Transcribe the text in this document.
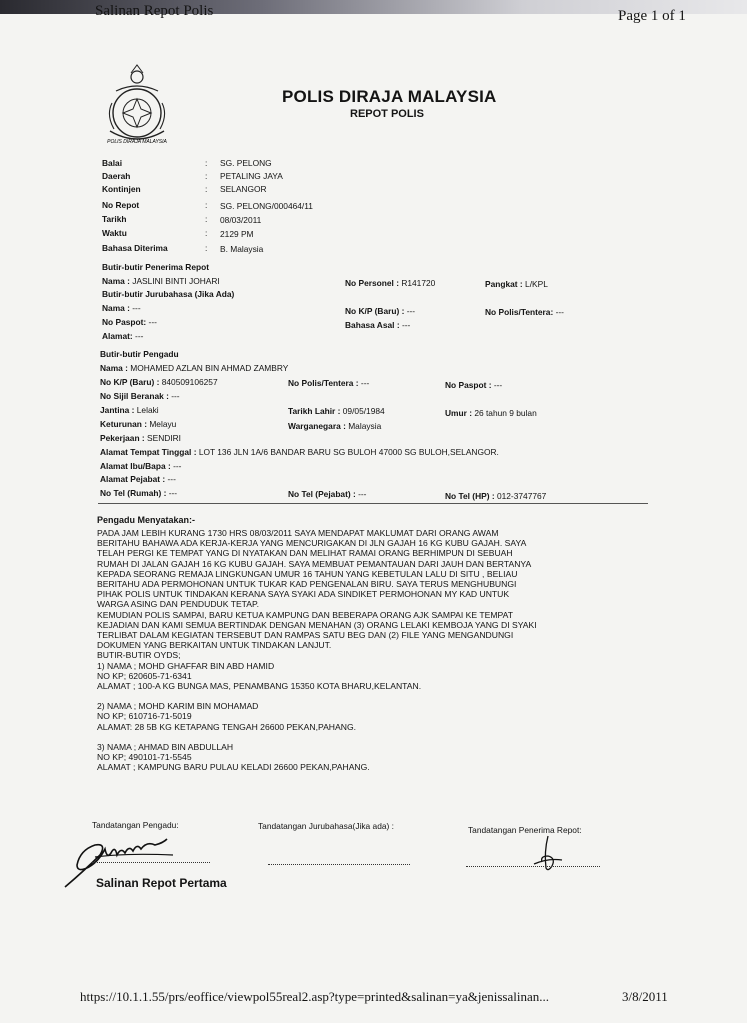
Salinan Repot Polis	Page 1 of 1
POLIS DIRAJA MALAYSIA
POLIS DIRAJA MALAYSIA
REPOT POLIS
Balai	: SG. PELONG
Daerah	: PETALING JAYA
Kontinjen	: SELANGOR
No Repot	: SG. PELONG/000464/11
Tarikh	: 08/03/2011
Waktu	: 2129 PM
Bahasa Diterima	: B. Malaysia
Butir-butir Penerima Repot
Nama : JASLINI BINTI JOHARI	No Personel : R141720	Pangkat : L/KPL
Butir-butir Jurubahasa (Jika Ada)
Nama : ---	No K/P (Baru) : ---	No Polis/Tentera: ---
No Paspot: ---	Bahasa Asal : ---
Alamat: ---
Butir-butir Pengadu
Nama : MOHAMED AZLAN BIN AHMAD ZAMBRY
No K/P (Baru) : 840509106257	No Polis/Tentera : ---	No Paspot : ---
No Sijil Beranak : ---
Jantina : Lelaki	Tarikh Lahir : 09/05/1984	Umur : 26 tahun 9 bulan
Keturunan : Melayu	Warganegara : Malaysia
Pekerjaan : SENDIRI
Alamat Tempat Tinggal : LOT 136 JLN 1A/6 BANDAR BARU SG BULOH 47000 SG BULOH,SELANGOR.
Alamat Ibu/Bapa : ---
Alamat Pejabat : ---
No Tel (Rumah) : ---	No Tel (Pejabat) : ---	No Tel (HP) : 012-3747767
Pengadu Menyatakan:-
PADA JAM LEBIH KURANG 1730 HRS 08/03/2011 SAYA MENDAPAT MAKLUMAT DARI ORANG AWAM
BERITAHU BAHAWA ADA KERJA-KERJA YANG MENCURIGAKAN DI JLN GAJAH 16 KG KUBU GAJAH. SAYA
TELAH PERGI KE TEMPAT YANG DI NYATAKAN DAN MELIHAT RAMAI ORANG BERHIMPUN DI SEBUAH
RUMAH DI JALAN GAJAH 16 KG KUBU GAJAH. SAYA MEMBUAT PEMANTAUAN DARI JAUH DAN BERTANYA
KEPADA SEORANG REMAJA LINGKUNGAN UMUR 16 TAHUN YANG KEBETULAN LALU DI SITU , BELIAU
BERITAHU ADA PERMOHONAN UNTUK TUKAR KAD PENGENALAN BIRU. SAYA TERUS MENGHUBUNGI
PIHAK POLIS UNTUK TINDAKAN KERANA SAYA SYAKI ADA SINDIKET PERMOHONAN MY KAD UNTUK
WARGA ASING DAN PENDUDUK TETAP.
KEMUDIAN POLIS SAMPAI, BARU KETUA KAMPUNG DAN BEBERAPA ORANG AJK SAMPAI KE TEMPAT
KEJADIAN DAN KAMI SEMUA BERTINDAK DENGAN MENAHAN (3) ORANG LELAKI KEMBOJA YANG DI SYAKI
TERLIBAT DALAM KEGIATAN TERSEBUT DAN RAMPAS SATU BEG DAN (2) FILE YANG MENGANDUNGI
DOKUMEN YANG BERKAITAN UNTUK TINDAKAN LANJUT.
BUTIR-BUTIR OYDS;
1) NAMA ; MOHD GHAFFAR BIN ABD HAMID
NO KP; 620605-71-6341
ALAMAT ; 100-A KG BUNGA MAS, PENAMBANG 15350 KOTA BHARU,KELANTAN.
2) NAMA ; MOHD KARIM BIN MOHAMAD
NO KP; 610716-71-5019
ALAMAT: 28 5B KG KETAPANG TENGAH 26600 PEKAN,PAHANG.
3) NAMA ; AHMAD BIN ABDULLAH
NO KP; 490101-71-5545
ALAMAT ; KAMPUNG BARU PULAU KELADI 26600 PEKAN,PAHANG.
Tandatangan Pengadu:	Tandatangan Jurubahasa(Jika ada) :	Tandatangan Penerima Repot:
Salinan Repot Pertama
https://10.1.1.55/prs/eoffice/viewpol55real2.asp?type=printed&salinan=ya&jenissalinan...	3/8/2011
